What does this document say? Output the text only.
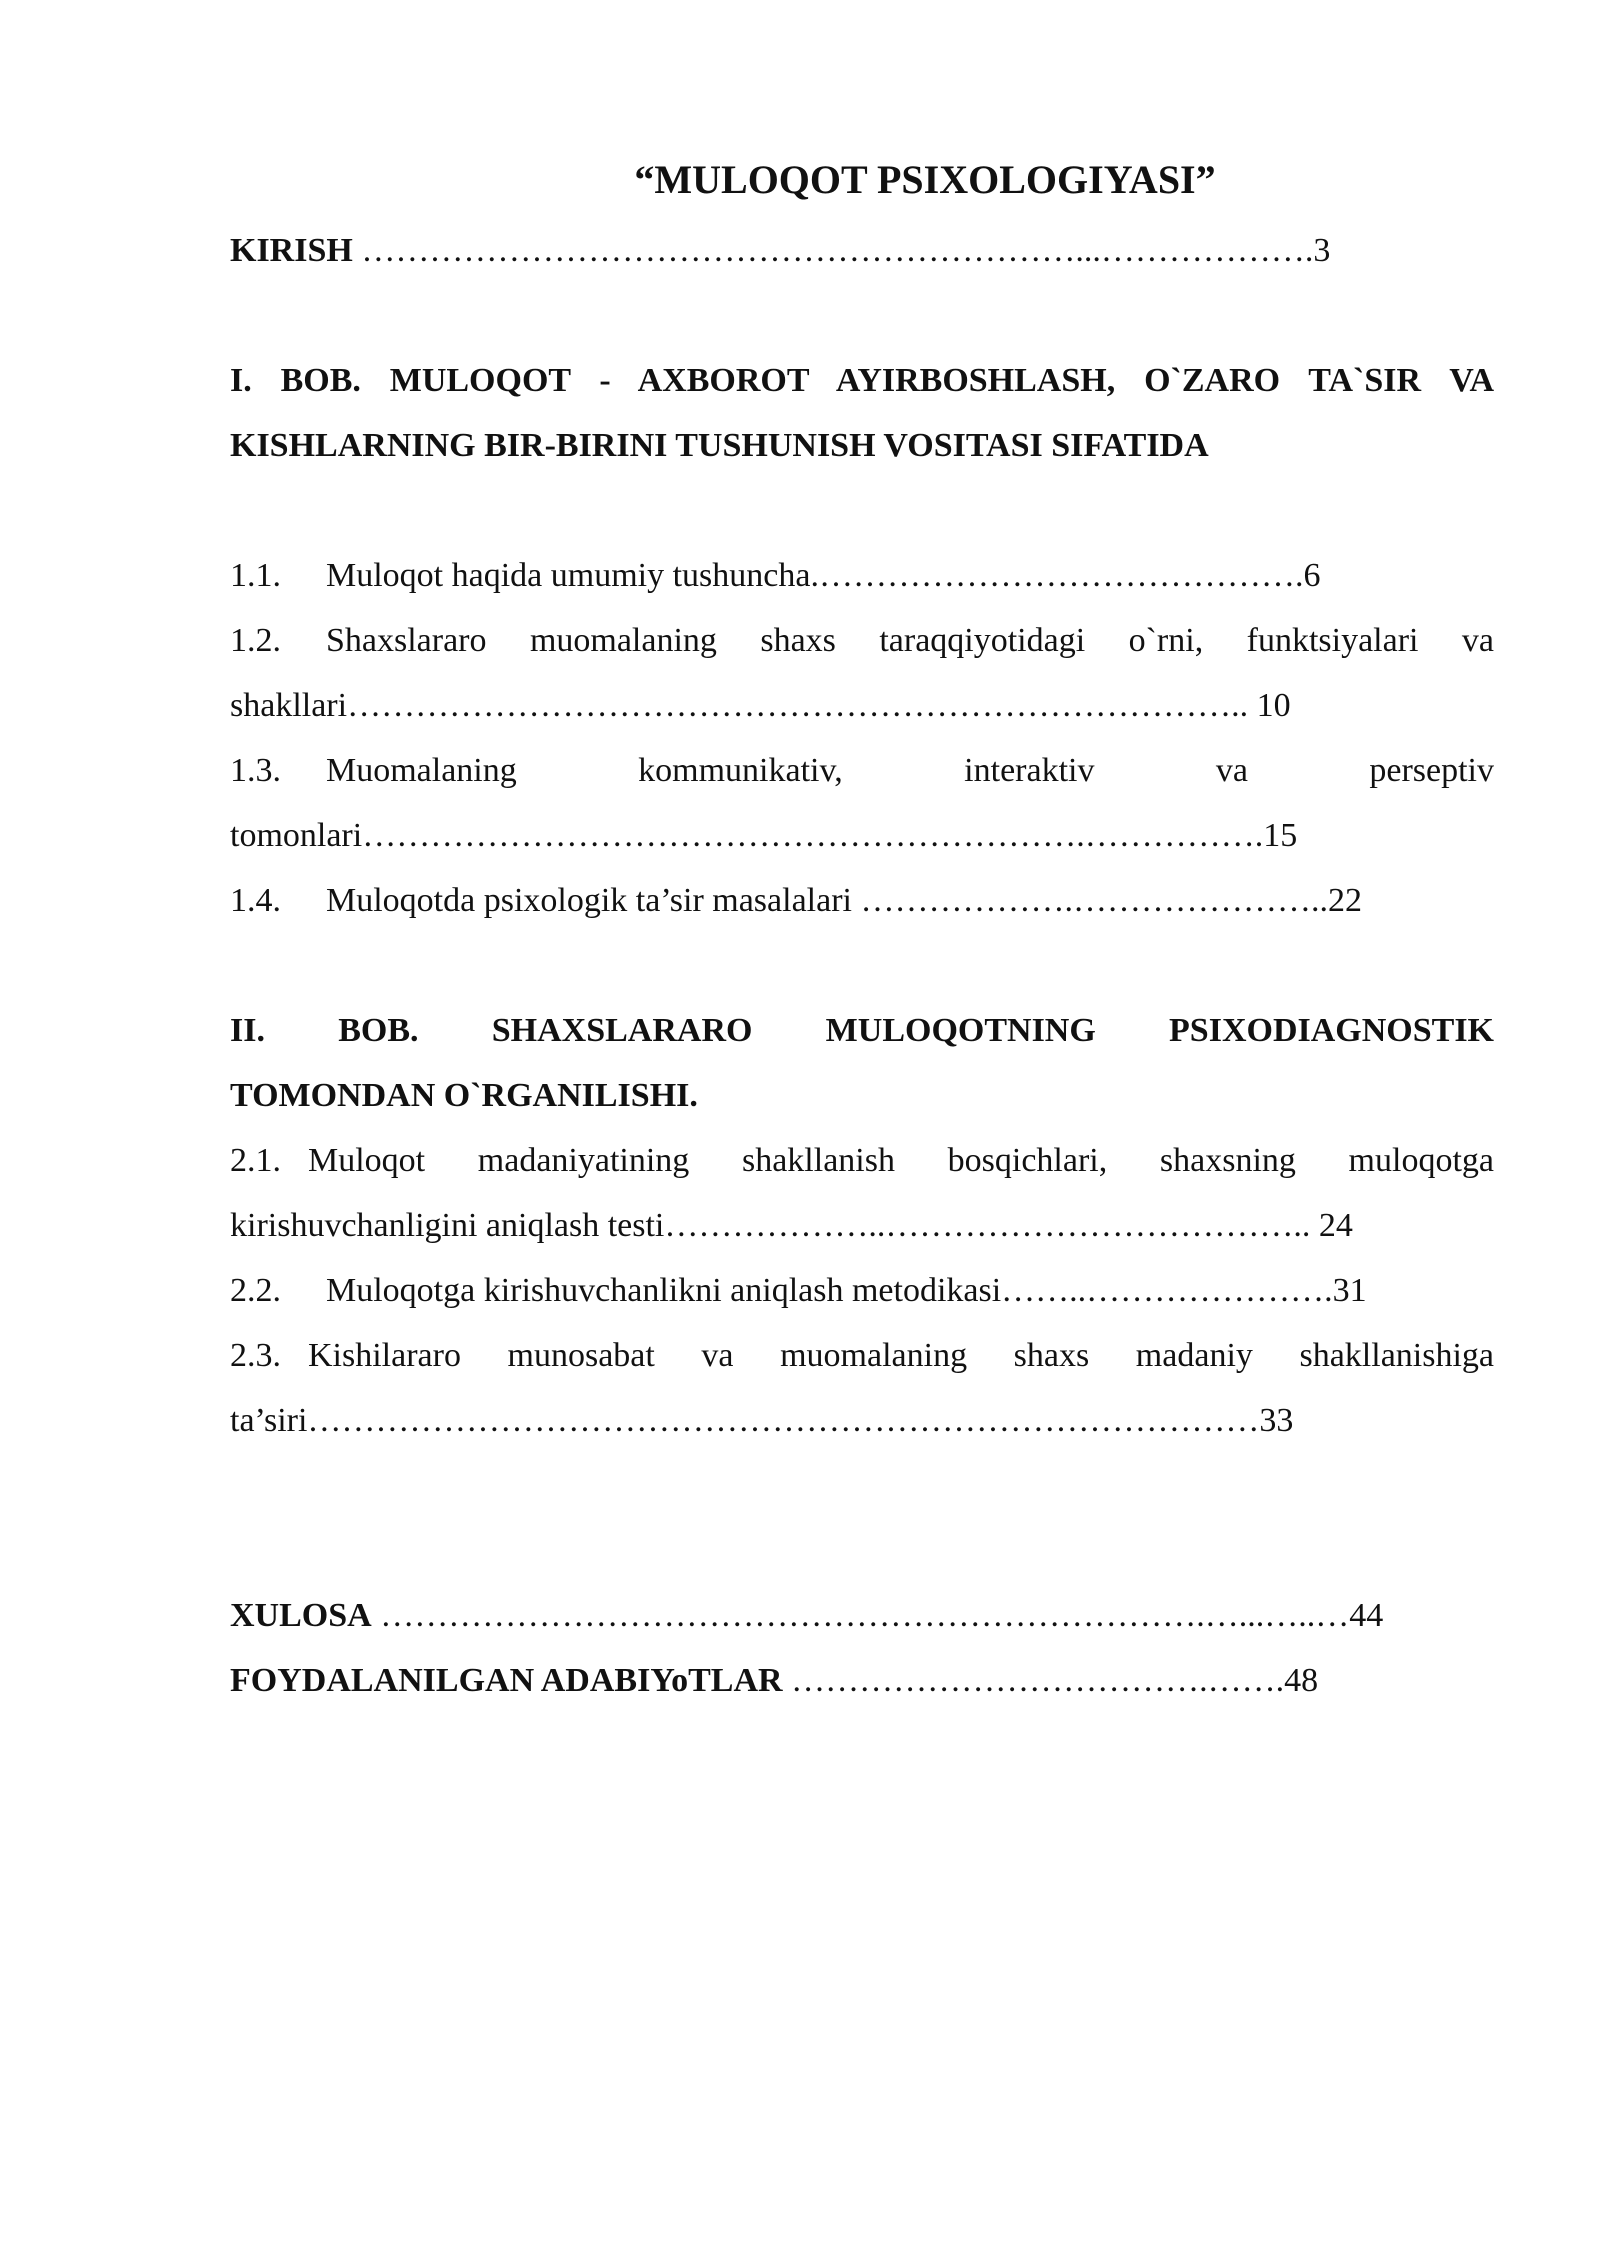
“MULOQOT PSIXOLOGIYASI”

KIRISH ………………………………………………………...……………….3

I. BOB. MULOQOT - AXBOROT AYIRBOSHLASH, O`ZARO TA`SIR VA

KISHLARNING BIR-BIRINI TUSHUNISH VOSITASI SIFATIDA

1.1. Muloqot haqida umumiy tushuncha.…………………………………….6

1.2. Shaxslararo muomalaning shaxs taraqqiyotidagi o`rni, funktsiyalari va

shakllari…………………………………………………………………….. 10

1.3. Muomalaning kommunikativ, interaktiv va perseptiv

tomonlari……………………………………………………….…………….15

1.4. Muloqotda psixologik ta’sir masalalari ……………….…………………..22

II. BOB. SHAXSLARARO MULOQOTNING PSIXODIAGNOSTIK

TOMONDAN O`RGANILISHI.

2.1. Muloqot madaniyatining shakllanish bosqichlari, shaxsning muloqotga

kirishuvchanligini aniqlash testi………………..……………………………….. 24

2.2. Muloqotga kirishuvchanlikni aniqlash metodikasi……..………………….31

2.3. Kishilararo munosabat va muomalaning shaxs madaniy shakllanishiga

ta’siri…………………………………………………………………………33

XULOSA ……………………………………………………………….…...…..…44

FOYDALANILGAN ADABIYoTLAR ……………………………….…….48
